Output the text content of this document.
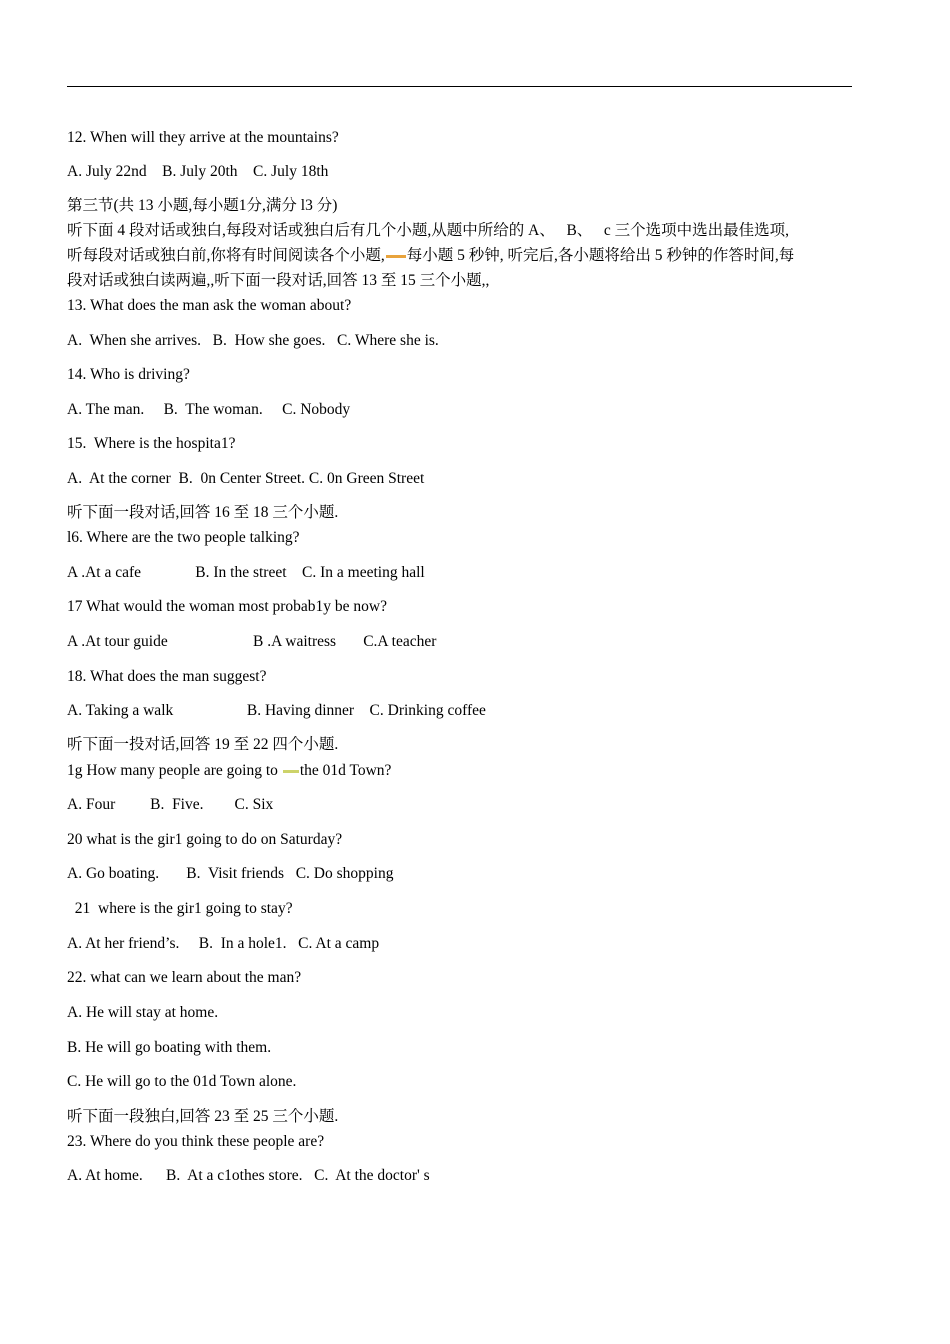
12. When will they arrive at the mountains?
A. July 22nd    B. July 20th    C. July 18th
第三节(共 13 小题,每小题1分,满分 l3 分)
听下面 4 段对话或独白,每段对话或独白后有几个小题,从题中所给的 A、   B、   c 三个选项中选出最佳选项,
听每段对话或独白前,你将有时间阅读各个小题, 每小题 5 秒钟, 听完后,各小题将给出 5 秒钟的作答时间,每
段对话或独白读两遍,,听下面一段对话,回答 13 至 15 三个小题,,
13. What does the man ask the woman about?
A.  When she arrives.   B.  How she goes.   C. Where she is.
14. Who is driving?
A. The man.     B.  The woman.     C. Nobody
15.  Where is the hospita1?
A.  At the corner  B.  0n Center Street. C. 0n Green Street
听下面一段对话,回答 16 至 18 三个小题.
l6. Where are the two people talking?
A .At a cafe              B. In the street    C. In a meeting hall
17 What would the woman most probab1y be now?
A .At tour guide                      B .A waitress       C.A teacher
18. What does the man suggest?
A. Taking a walk                   B. Having dinner    C. Drinking coffee
听下面一投对话,回答 19 至 22 四个小题.
1g How many people are going to the 01d Town?
A. Four         B.  Five.        C. Six
20 what is the gir1 going to do on Saturday?
A. Go boating.       B.  Visit friends   C. Do shopping
21  where is the gir1 going to stay?
A. At her friend’s.     B.  In a hole1.   C. At a camp
22. what can we learn about the man?
A. He will stay at home.
B. He will go boating with them.
C. He will go to the 01d Town alone.
听下面一段独白,回答 23 至 25 三个小题.
23. Where do you think these people are?
A. At home.      B.  At a c1othes store.   C.  At the doctor' s
